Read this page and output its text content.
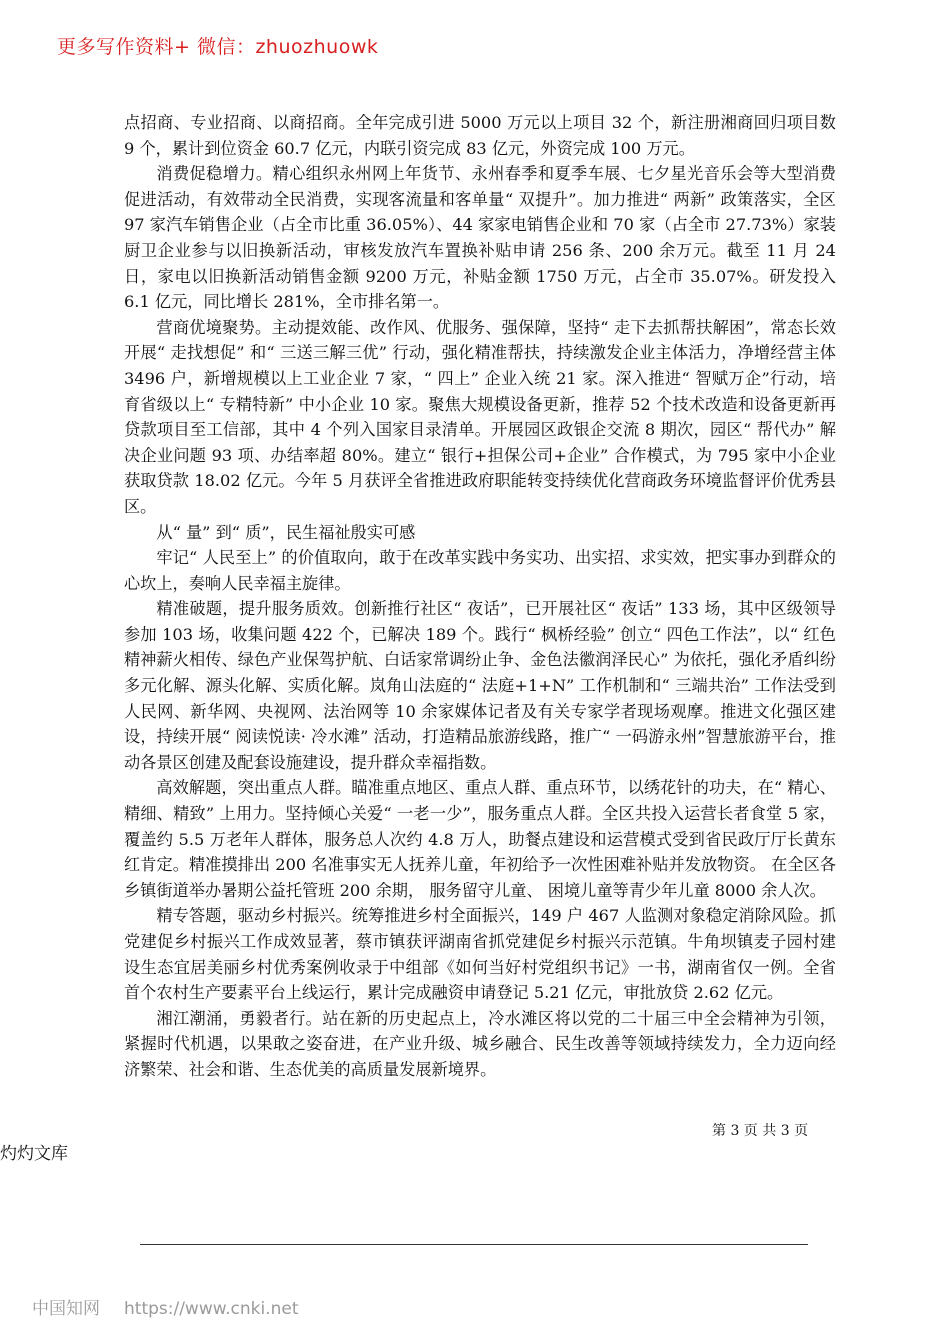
更多写作资料+ 微信：zhuozhuowk

点招商、专业招商、以商招商。全年完成引进 5000 万元以上项目 32 个，新注册湘商回归项目数 9 个，累计到位资金 60.7 亿元，内联引资完成 83 亿元，外资完成 100 万元。

消费促稳增力。精心组织永州网上年货节、永州春季和夏季车展、七夕星光音乐会等大型消费促进活动，有效带动全民消费，实现客流量和客单量“ 双提升”。加力推进“ 两新” 政策落实，全区 97 家汽车销售企业（占全市比重 36.05%）、44 家家电销售企业和 70 家（占全市 27.73%）家装厨卫企业参与以旧换新活动，审核发放汽车置换补贴申请 256 条、200 余万元。截至 11 月 24 日，家电以旧换新活动销售金额 9200 万元，补贴金额 1750 万元，占全市 35.07%。研发投入 6.1 亿元，同比增长 281%，全市排名第一。

营商优境聚势。主动提效能、改作风、优服务、强保障，坚持“ 走下去抓帮扶解困”，常态长效开展“ 走找想促” 和“ 三送三解三优” 行动，强化精准帮扶，持续激发企业主体活力，净增经营主体 3496 户，新增规模以上工业企业 7 家，“ 四上” 企业入统 21 家。深入推进“ 智赋万企”行动，培育省级以上“ 专精特新” 中小企业 10 家。聚焦大规模设备更新，推荐 52 个技术改造和设备更新再贷款项目至工信部，其中 4 个列入国家目录清单。开展园区政银企交流 8 期次，园区“ 帮代办” 解决企业问题 93 项、办结率超 80%。建立“ 银行+担保公司+企业” 合作模式，为 795 家中小企业获取贷款 18.02 亿元。今年 5 月获评全省推进政府职能转变持续优化营商政务环境监督评价优秀县区。

从“ 量” 到“ 质”，民生福祉殷实可感

牢记“ 人民至上” 的价值取向，敢于在改革实践中务实功、出实招、求实效，把实事办到群众的心坎上，奏响人民幸福主旋律。

精准破题，提升服务质效。创新推行社区“ 夜话”，已开展社区“ 夜话” 133 场，其中区级领导参加 103 场，收集问题 422 个，已解决 189 个。践行“ 枫桥经验” 创立“ 四色工作法”，以“ 红色精神薪火相传、绿色产业保驾护航、白话家常调纷止争、金色法徽润泽民心” 为依托，强化矛盾纠纷多元化解、源头化解、实质化解。岚角山法庭的“ 法庭+1+N” 工作机制和“ 三端共治” 工作法受到人民网、新华网、央视网、法治网等 10 余家媒体记者及有关专家学者现场观摩。推进文化强区建设，持续开展“ 阅读悦读· 冷水滩” 活动，打造精品旅游线路，推广“ 一码游永州”智慧旅游平台，推动各景区创建及配套设施建设，提升群众幸福指数。

高效解题，突出重点人群。瞄准重点地区、重点人群、重点环节，以绣花针的功夫，在“ 精心、精细、精致” 上用力。坚持倾心关爱“ 一老一少”，服务重点人群。全区共投入运营长者食堂 5 家，覆盖约 5.5 万老年人群体，服务总人次约 4.8 万人，助餐点建设和运营模式受到省民政厅厅长黄东红肯定。精准摸排出 200 名准事实无人抚养儿童，年初给予一次性困难补贴并发放物资。 在全区各乡镇街道举办暑期公益托管班 200 余期， 服务留守儿童、 困境儿童等青少年儿童 8000 余人次。

精专答题，驱动乡村振兴。统筹推进乡村全面振兴，149 户 467 人监测对象稳定消除风险。抓党建促乡村振兴工作成效显著，蔡市镇获评湖南省抓党建促乡村振兴示范镇。牛角坝镇麦子园村建设生态宜居美丽乡村优秀案例收录于中组部《如何当好村党组织书记》一书，湖南省仅一例。全省首个农村生产要素平台上线运行，累计完成融资申请登记 5.21 亿元，审批放贷 2.62 亿元。

湘江潮涌，勇毅者行。站在新的历史起点上，冷水滩区将以党的二十届三中全会精神为引领，紧握时代机遇，以果敢之姿奋进，在产业升级、城乡融合、民生改善等领域持续发力，全力迈向经济繁荣、社会和谐、生态优美的高质量发展新境界。

第 3 页 共 3 页
灼灼文库
中国知网 https://www.cnki.net
